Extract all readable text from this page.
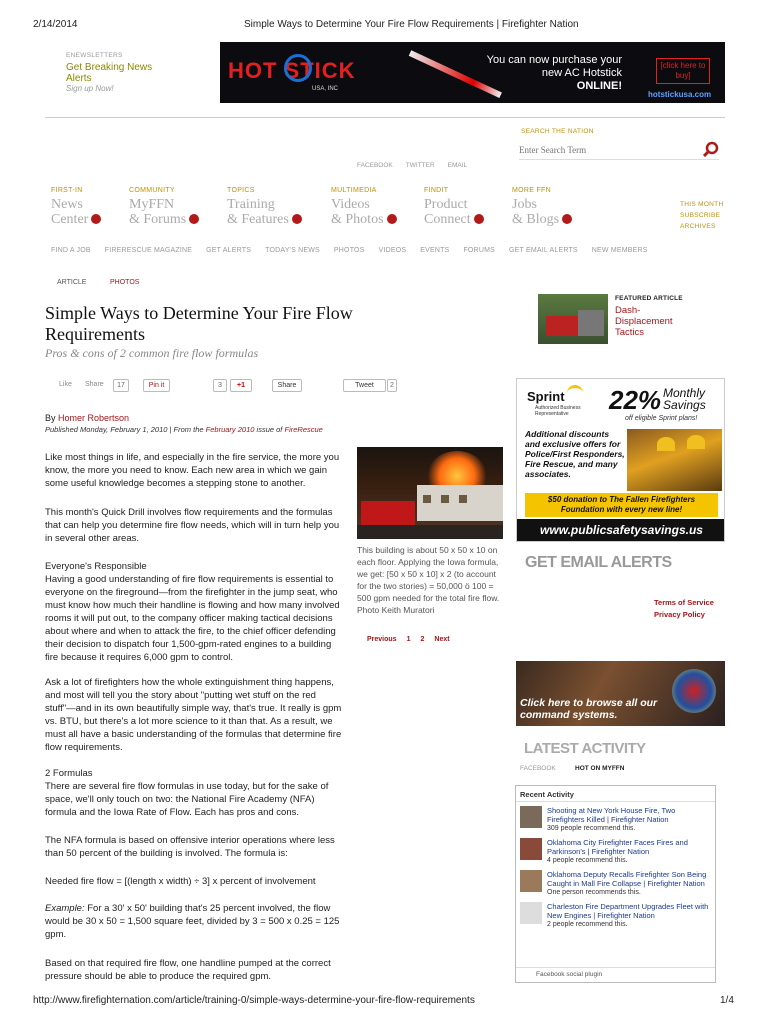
2/14/2014	Simple Ways to Determine Your Fire Flow Requirements | Firefighter Nation
ENEWSLETTERS
Get Breaking News Alerts
Sign up Now!
HOT STICK
USA, INC
You can now purchase your
new AC Hotstick
ONLINE!
[click here to buy]
hotstickusa.com
SEARCH THE NATION
Enter Search Term
FACEBOOK TWITTER EMAIL
FIRST-IN
News
Center
COMMUNITY
MyFFN
& Forums
TOPICS
Training
& Features
MULTIMEDIA
Videos
& Photos
FINDIT
Product
Connect
MORE FFN
Jobs
& Blogs
THIS MONTH
SUBSCRIBE
ARCHIVES
FIND A JOB FIRERESCUE MAGAZINE GET ALERTS TODAY'S NEWS PHOTOS VIDEOS EVENTS FORUMS GET EMAIL ALERTS NEW MEMBERS
ARTICLE	PHOTOS
Simple Ways to Determine Your Fire Flow Requirements
Pros & cons of 2 common fire flow formulas
Like Share	17	Pin it	3	+1	Share	Tweet	2
By Homer Robertson
Published Monday, February 1, 2010 | From the February 2010 issue of FireRescue
Like most things in life, and especially in the fire service, the more you know, the more you need to know. Each new area in which we gain some useful knowledge becomes a stepping stone to another.
This month's Quick Drill involves flow requirements and the formulas that can help you determine fire flow needs, which will in turn help you in several other areas.
Everyone's Responsible
Having a good understanding of fire flow requirements is essential to everyone on the fireground—from the firefighter in the jump seat, who must know how much their handline is flowing and how many involved rooms it will put out, to the company officer making tactical decisions about where and when to attack the fire, to the chief officer defending their decision to dispatch four 1,500-gpm-rated engines to a building fire because it requires 6,000 gpm to control.
Ask a lot of firefighters how the whole extinguishment thing happens, and most will tell you the story about "putting wet stuff on the red stuff"—and in its own beautifully simple way, that's true. It really is gpm vs. BTU, but there's a lot more science to it than that. As a result, we must all have a basic understanding of the formulas that determine fire flow requirements.
2 Formulas
There are several fire flow formulas in use today, but for the sake of space, we'll only touch on two: the National Fire Academy (NFA) formula and the Iowa Rate of Flow. Each has pros and cons.
The NFA formula is based on offensive interior operations where less than 50 percent of the building is involved. The formula is:
Needed fire flow = [(length x width) ÷ 3] x percent of involvement
Example: For a 30' x 50' building that's 25 percent involved, the flow would be 30 x 50 = 1,500 square feet, divided by 3 = 500 x 0.25 = 125 gpm.
Based on that required fire flow, one handline pumped at the correct pressure should be able to produce the required gpm.
This building is about 50 x 50 x 10 on each floor. Applying the Iowa formula, we get: [50 x 50 x 10] x 2 (to account for the two stories) = 50,000 ö 100 = 500 gpm needed for the total fire flow. Photo Keith Muratori
Previous 1 2 Next
FEATURED ARTICLE
Dash-Displacement Tactics
Sprint
Authorized Business
Representative 22% Monthly
Savings
off eligible Sprint plans!
Additional discounts and exclusive offers for Police/First Responders, Fire Rescue, and many associates.
$50 donation to The Fallen Firefighters Foundation with every new line!
www.publicsafetysavings.us
GET EMAIL ALERTS
Terms of Service
Privacy Policy
Click here to browse all our command systems.
LATEST ACTIVITY
FACEBOOK	HOT ON MYFFN
Recent Activity
Shooting at New York House Fire, Two Firefighters Killed | Firefighter Nation
309 people recommend this.
Oklahoma City Firefighter Faces Fires and Parkinson's | Firefighter Nation
4 people recommend this.
Oklahoma Deputy Recalls Firefighter Son Being Caught in Mall Fire Collapse | Firefighter Nation
One person recommends this.
Charleston Fire Department Upgrades Fleet with New Engines | Firefighter Nation
2 people recommend this.
Facebook social plugin
http://www.firefighternation.com/article/training-0/simple-ways-determine-your-fire-flow-requirements	1/4
